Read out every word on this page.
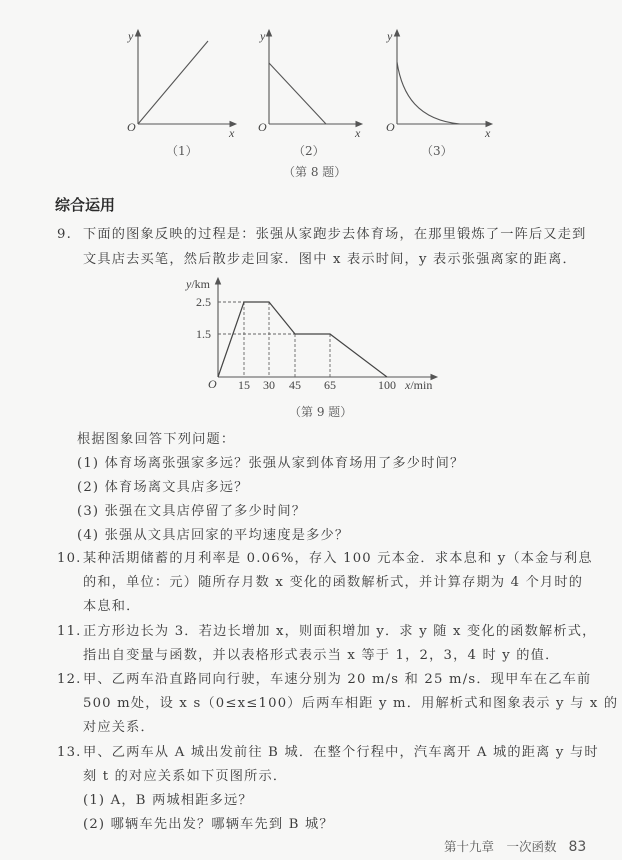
y
O	x
y
O	x
y
O	x
（1）	（2）	（3）
（第 8 题）
综合运用
9. 下面的图象反映的过程是：张强从家跑步去体育场，在那里锻炼了一阵后又走到
文具店去买笔，然后散步走回家．图中 x 表示时间，y 表示张强离家的距离．
y/km
2.5
1.5
O 15 30 45 65	100 x/min
（第 9 题）
根据图象回答下列问题：
(1) 体育场离张强家多远？张强从家到体育场用了多少时间？
(2) 体育场离文具店多远？
(3) 张强在文具店停留了多少时间？
(4) 张强从文具店回家的平均速度是多少？
10.某种活期储蓄的月利率是 0.06%，存入 100 元本金．求本息和 y（本金与利息
的和，单位：元）随所存月数 x 变化的函数解析式，并计算存期为 4 个月时的
本息和．
11.正方形边长为 3．若边长增加 x，则面积增加 y．求 y 随 x 变化的函数解析式，
指出自变量与函数，并以表格形式表示当 x 等于 1，2，3，4 时 y 的值．
12.甲、乙两车沿直路同向行驶，车速分别为 20 m/s 和 25 m/s．现甲车在乙车前
500 m处，设 x s（0≤x≤100）后两车相距 y m．用解析式和图象表示 y 与 x 的
对应关系．
13.甲、乙两车从 A 城出发前往 B 城．在整个行程中，汽车离开 A 城的距离 y 与时
刻 t 的对应关系如下页图所示．
(1) A，B 两城相距多远？
(2) 哪辆车先出发？哪辆车先到 B 城？
第十九章　一次函数 83
